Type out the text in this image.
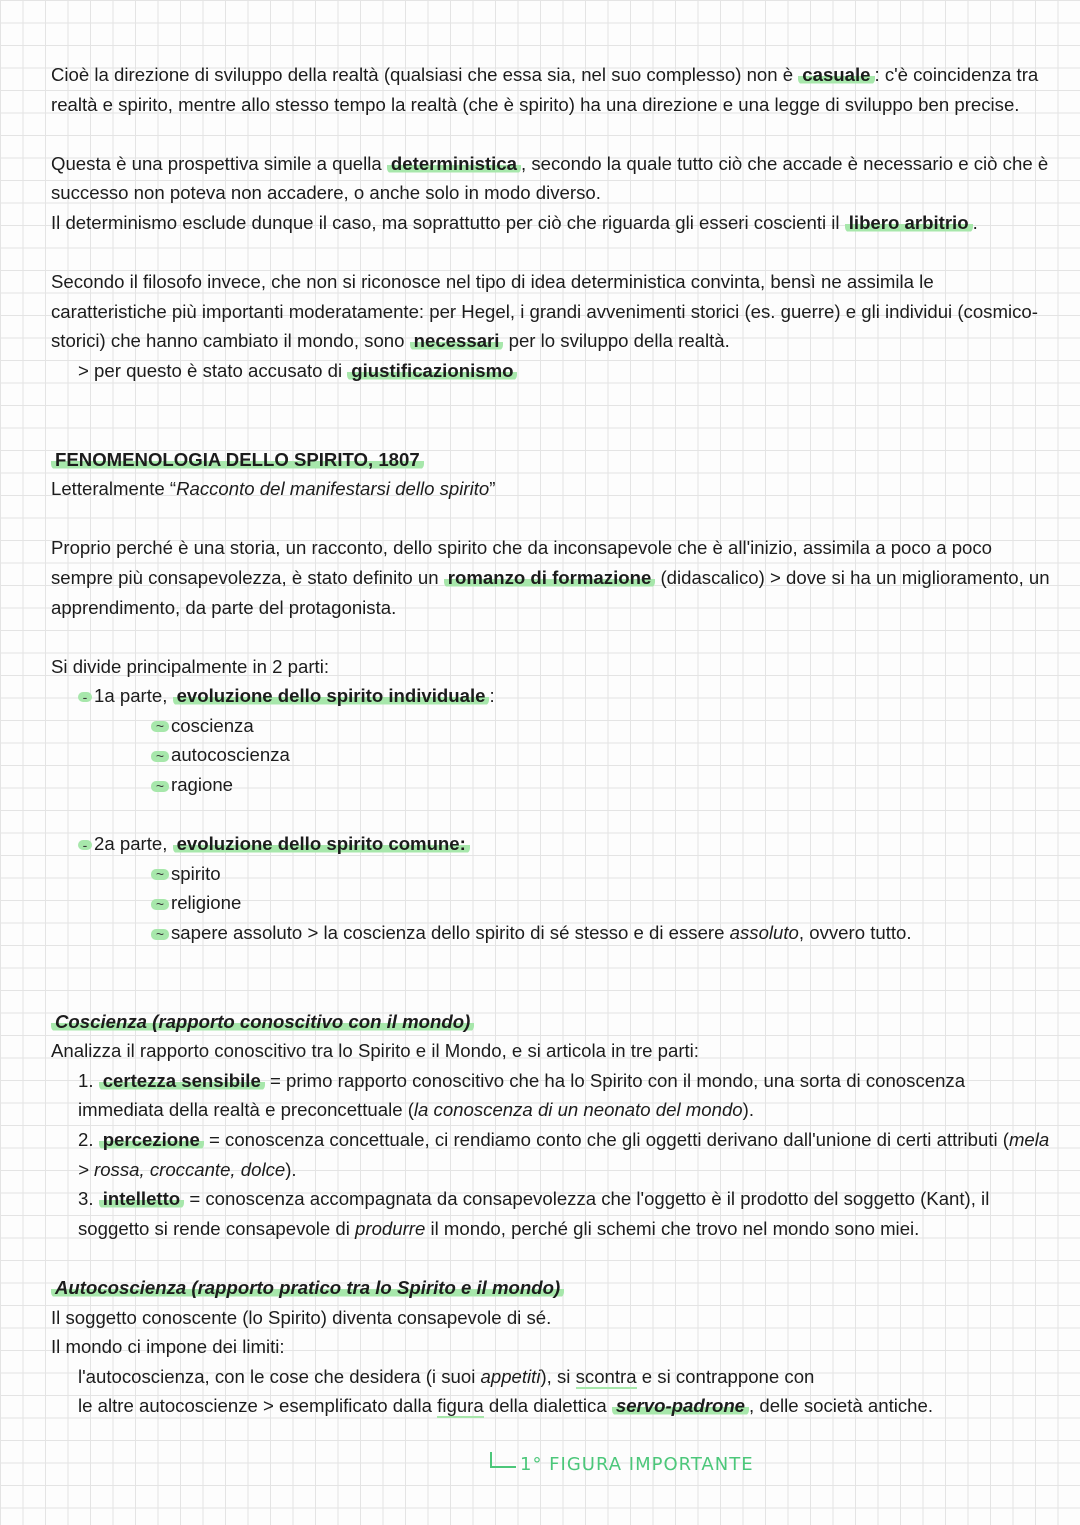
Cioè la direzione di sviluppo della realtà (qualsiasi che essa sia, nel suo complesso) non è casuale : c'è coincidenza tra realtà e spirito, mentre allo stesso tempo la realtà (che è spirito) ha una direzione e una legge di sviluppo ben precise.

Questa è una prospettiva simile a quella deterministica , secondo la quale tutto ciò che accade è necessario e ciò che è successo non poteva non accadere, o anche solo in modo diverso.

Il determinismo esclude dunque il caso, ma soprattutto per ciò che riguarda gli esseri coscienti il libero arbitrio .

Secondo il filosofo invece, che non si riconosce nel tipo di idea deterministica convinta, bensì ne assimila le caratteristiche più importanti moderatamente: per Hegel, i grandi avvenimenti storici (es. guerre) e gli individui (cosmico-storici) che hanno cambiato il mondo, sono necessari per lo sviluppo della realtà.

> per questo è stato accusato di giustificazionismo

FENOMENOLOGIA DELLO SPIRITO, 1807

Letteralmente “Racconto del manifestarsi dello spirito”

Proprio perché è una storia, un racconto, dello spirito che da inconsapevole che è all'inizio, assimila a poco a poco sempre più consapevolezza, è stato definito un romanzo di formazione (didascalico) > dove si ha un miglioramento, un apprendimento, da parte del protagonista.

Si divide principalmente in 2 parti:

- 1a parte, evoluzione dello spirito individuale :

~ coscienza

~ autocoscienza

~ ragione

- 2a parte, evoluzione dello spirito comune:

~ spirito

~ religione

~ sapere assoluto > la coscienza dello spirito di sé stesso e di essere assoluto, ovvero tutto.

Coscienza (rapporto conoscitivo con il mondo)

Analizza il rapporto conoscitivo tra lo Spirito e il Mondo, e si articola in tre parti:

1. certezza sensibile = primo rapporto conoscitivo che ha lo Spirito con il mondo, una sorta di conoscenza immediata della realtà e preconcettuale (la conoscenza di un neonato del mondo).

2. percezione = conoscenza concettuale, ci rendiamo conto che gli oggetti derivano dall'unione di certi attributi (mela > rossa, croccante, dolce).

3. intelletto = conoscenza accompagnata da consapevolezza che l'oggetto è il prodotto del soggetto (Kant), il soggetto si rende consapevole di produrre il mondo, perché gli schemi che trovo nel mondo sono miei.

Autocoscienza (rapporto pratico tra lo Spirito e il mondo)

Il soggetto conoscente (lo Spirito) diventa consapevole di sé.

Il mondo ci impone dei limiti:

l'autocoscienza, con le cose che desidera (i suoi appetiti), si scontra e si contrappone con

le altre autocoscienze > esemplificato dalla figura della dialettica servo-padrone , delle società antiche.

1° FIGURA IMPORTANTE
